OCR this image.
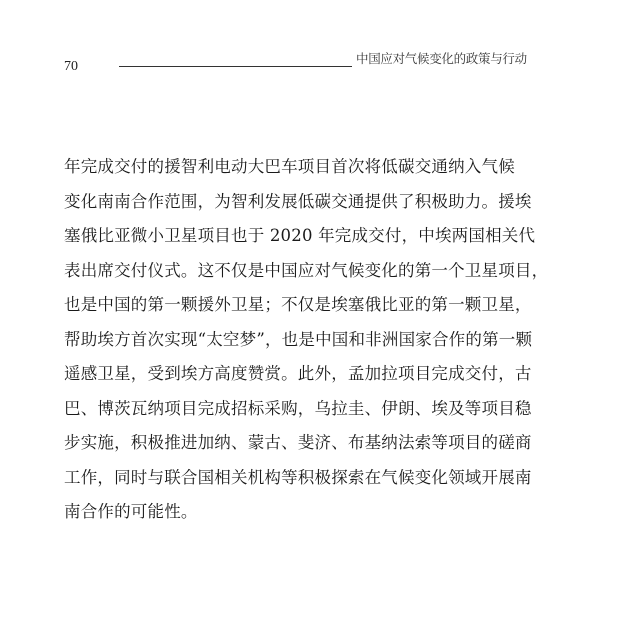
70
中国应对气候变化的政策与行动
年完成交付的援智利电动大巴车项目首次将低碳交通纳入气候
变化南南合作范围，为智利发展低碳交通提供了积极助力。援埃
塞俄比亚微小卫星项目也于 2020 年完成交付，中埃两国相关代
表出席交付仪式。这不仅是中国应对气候变化的第一个卫星项目，
也是中国的第一颗援外卫星；不仅是埃塞俄比亚的第一颗卫星，
帮助埃方首次实现“太空梦”，也是中国和非洲国家合作的第一颗
遥感卫星，受到埃方高度赞赏。此外，孟加拉项目完成交付，古
巴、博茨瓦纳项目完成招标采购，乌拉圭、伊朗、埃及等项目稳
步实施，积极推进加纳、蒙古、斐济、布基纳法索等项目的磋商
工作，同时与联合国相关机构等积极探索在气候变化领域开展南
南合作的可能性。
